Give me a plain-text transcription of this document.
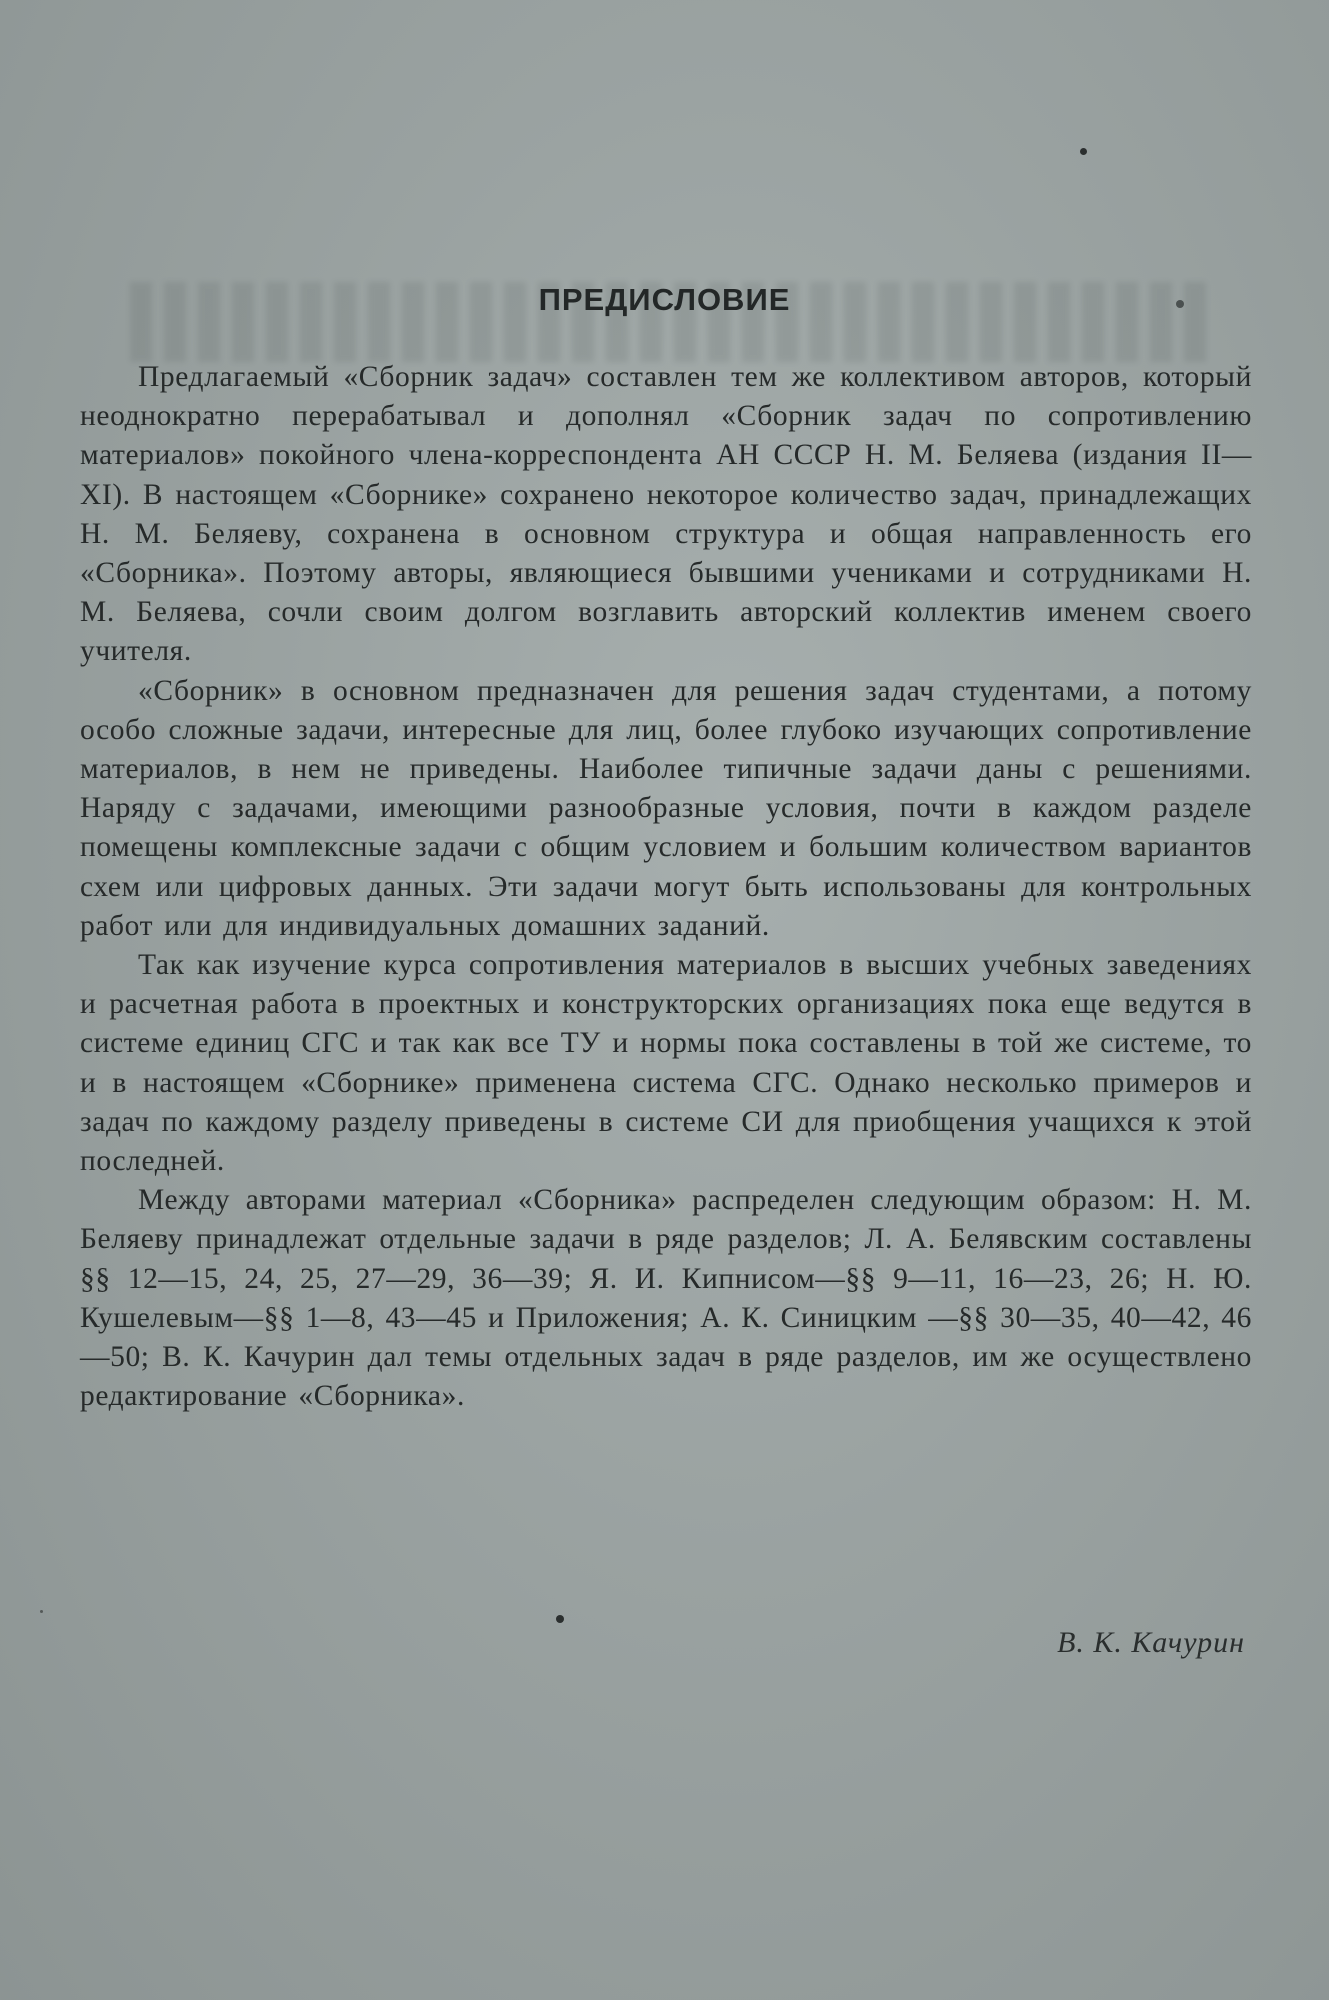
ПРЕДИСЛОВИЕ

Предлагаемый «Сборник задач» составлен тем же коллективом авторов, который неоднократно перерабатывал и дополнял «Сборник задач по сопротивлению материалов» покойного члена-корреспондента АН СССР Н. М. Беляева (издания II—XI). В настоящем «Сборнике» сохранено некоторое количество задач, принадлежащих Н. М. Беляеву, сохранена в основном структура и общая направленность его «Сборника». Поэтому авторы, являющиеся бывшими учениками и сотрудниками Н. М. Беляева, сочли своим долгом возглавить авторский коллектив именем своего учителя.

«Сборник» в основном предназначен для решения задач студентами, а потому особо сложные задачи, интересные для лиц, более глубоко изучающих сопротивление материалов, в нем не приведены. Наиболее типичные задачи даны с решениями. Наряду с задачами, имеющими разнообразные условия, почти в каждом разделе помещены комплексные задачи с общим условием и большим количеством вариантов схем или цифровых данных. Эти задачи могут быть использованы для контрольных работ или для индивидуальных домашних заданий.

Так как изучение курса сопротивления материалов в высших учебных заведениях и расчетная работа в проектных и конструкторских организациях пока еще ведутся в системе единиц СГС и так как все ТУ и нормы пока составлены в той же системе, то и в настоящем «Сборнике» применена система СГС. Однако несколько примеров и задач по каждому разделу приведены в системе СИ для приобщения учащихся к этой последней.

Между авторами материал «Сборника» распределен следующим образом: Н. М. Беляеву принадлежат отдельные задачи в ряде разделов; Л. А. Белявским составлены §§ 12—15, 24, 25, 27—29, 36—39; Я. И. Кипнисом—§§ 9—11, 16—23, 26; Н. Ю. Кушелевым—§§ 1—8, 43—45 и Приложения; А. К. Синицким —§§ 30—35, 40—42, 46—50; В. К. Качурин дал темы отдельных задач в ряде разделов, им же осуществлено редактирование «Сборника».

В. К. Качурин
